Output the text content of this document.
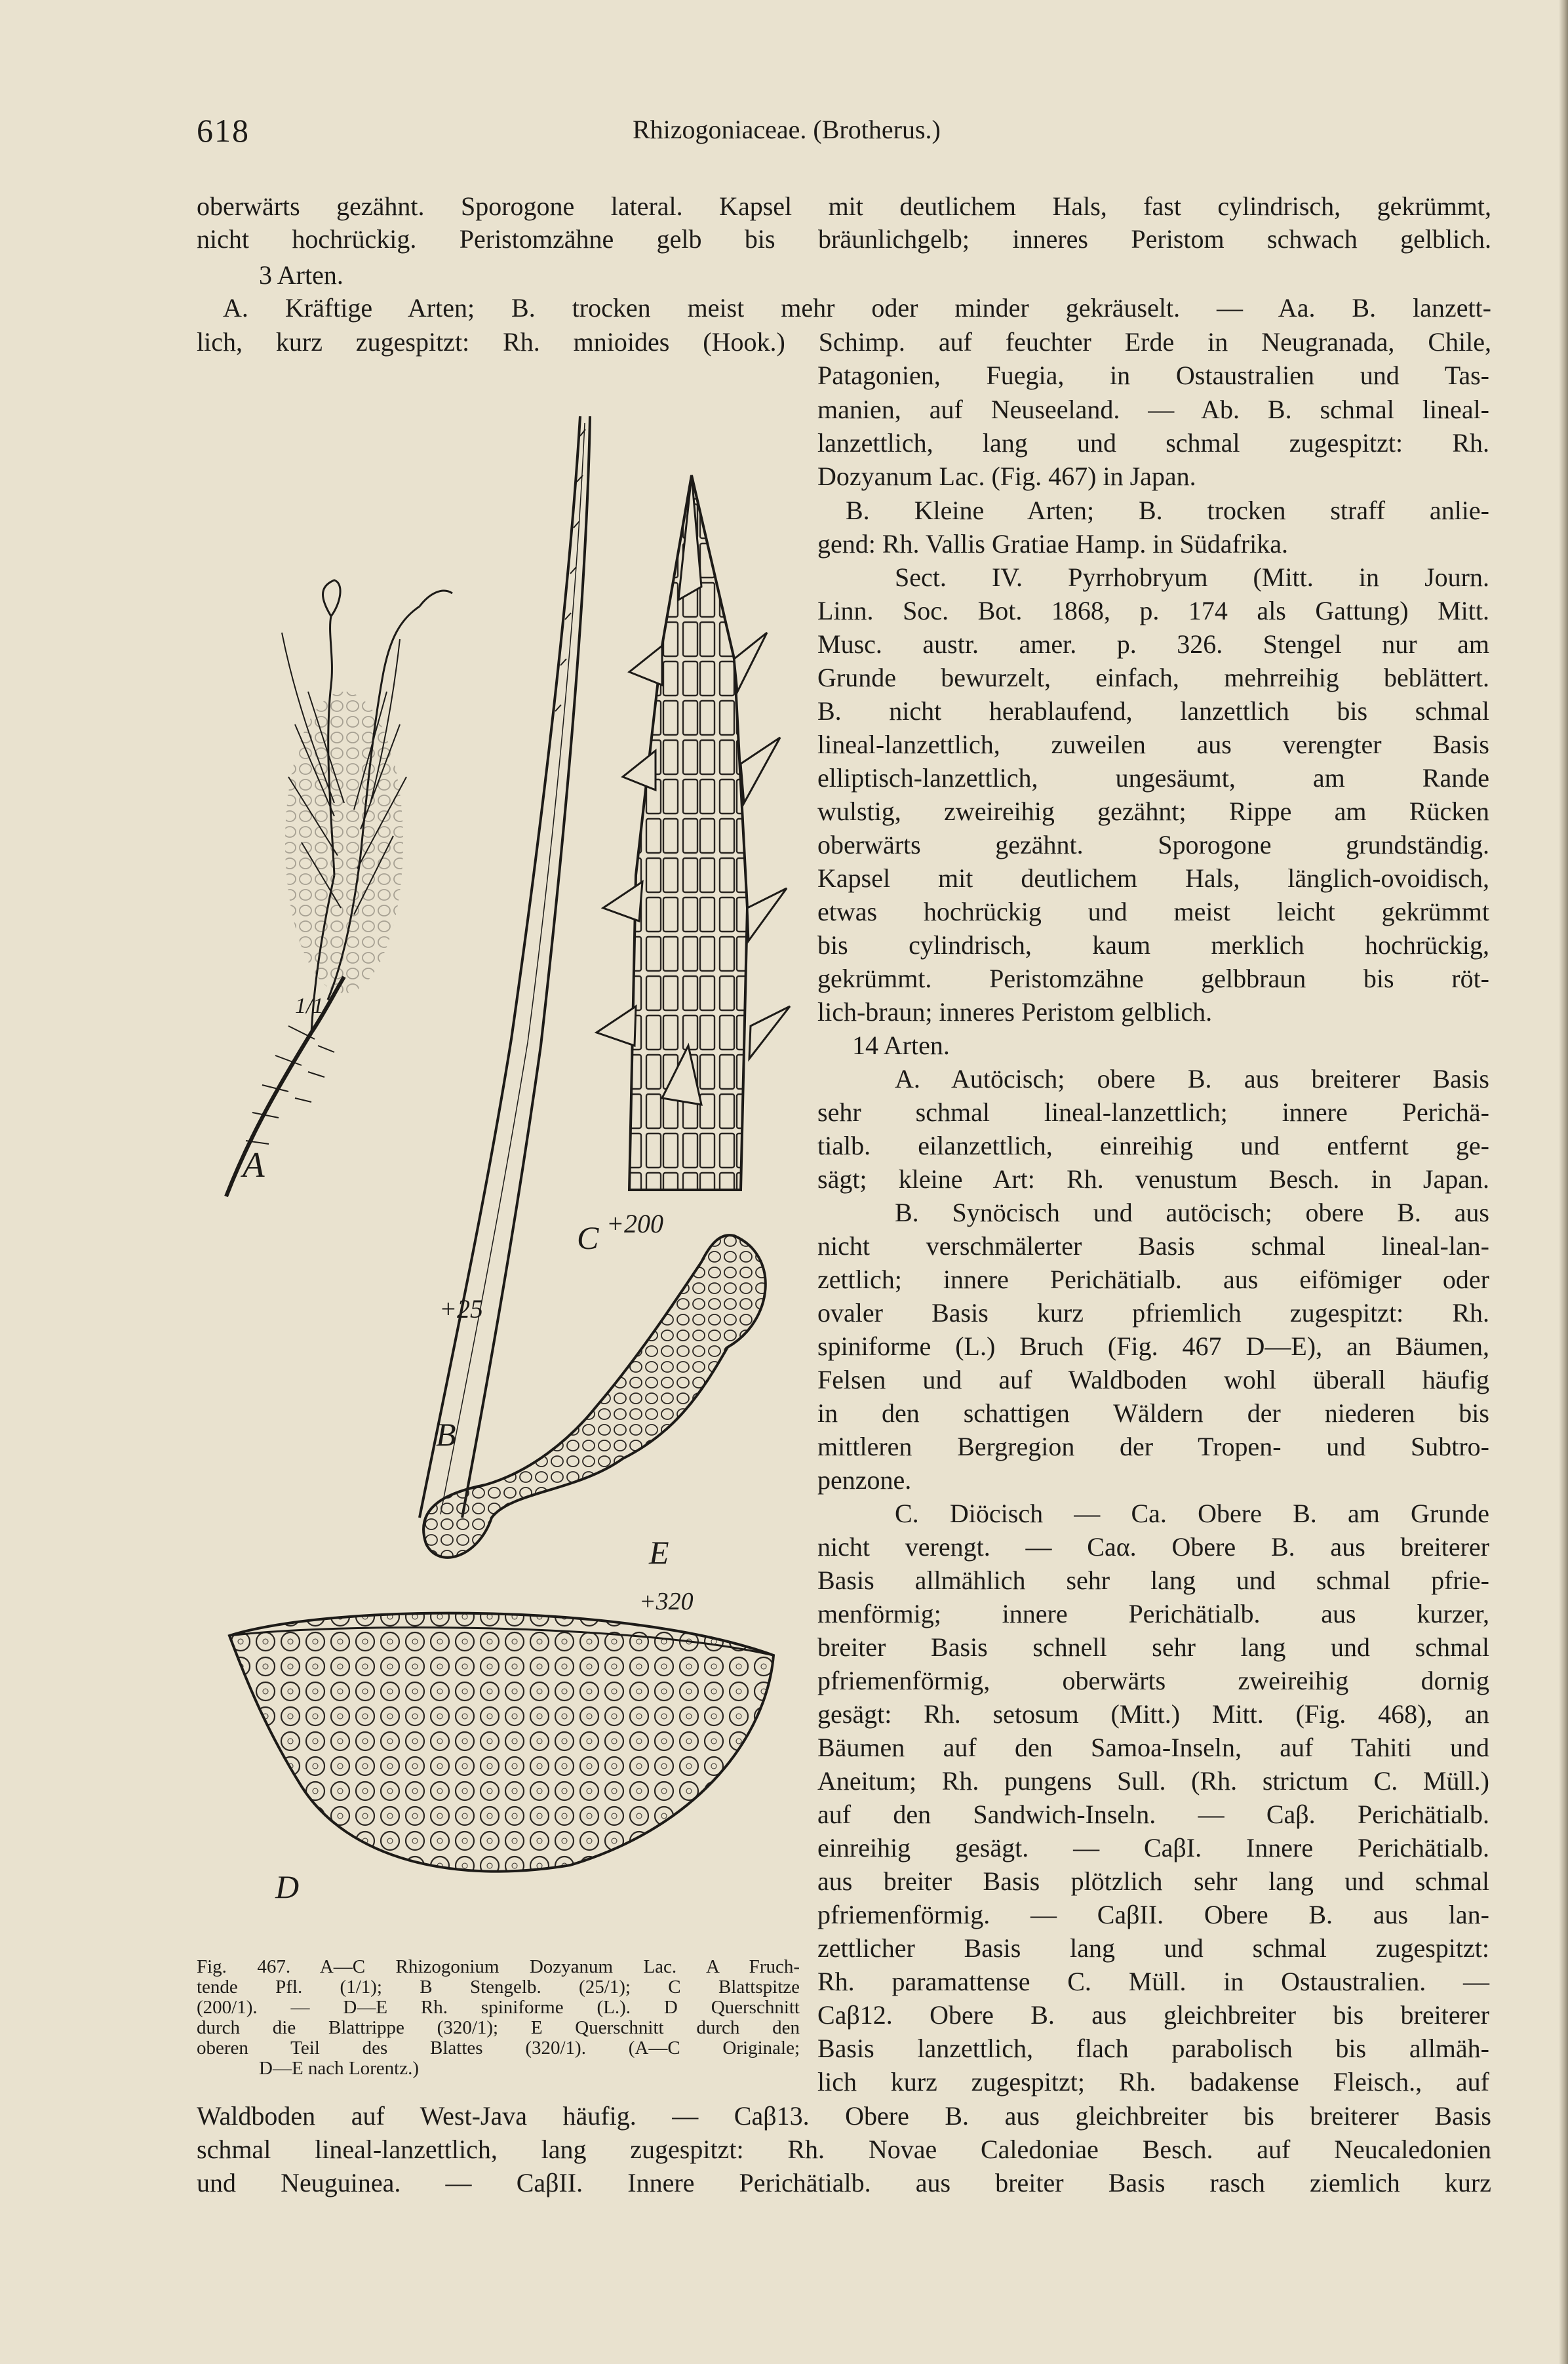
618	Rhizogoniaceae. (Brotherus.)
oberwärts gezähnt. Sporogone lateral. Kapsel mit deutlichem Hals, fast cylindrisch, gekrümmt,
nicht hochrückig. Peristomzähne gelb bis bräunlichgelb; inneres Peristom schwach gelblich.
3 Arten.
A. Kräftige Arten; B. trocken meist mehr oder minder gekräuselt. — Aa. B. lanzett-
lich, kurz zugespitzt: Rh. mnioides (Hook.) Schimp. auf feuchter Erde in Neugranada, Chile,
Patagonien, Fuegia, in Ostaustralien und Tas-
manien, auf Neuseeland. — Ab. B. schmal lineal-
lanzettlich, lang und schmal zugespitzt: Rh.
Dozyanum Lac. (Fig. 467) in Japan.
B. Kleine Arten; B. trocken straff anlie-
gend: Rh. Vallis Gratiae Hamp. in Südafrika.
Sect. IV. Pyrrhobryum (Mitt. in Journ.
Linn. Soc. Bot. 1868, p. 174 als Gattung) Mitt.
Musc. austr. amer. p. 326. Stengel nur am
Grunde bewurzelt, einfach, mehrreihig beblättert.
B. nicht herablaufend, lanzettlich bis schmal
lineal-lanzettlich, zuweilen aus verengter Basis
elliptisch-lanzettlich, ungesäumt, am Rande
wulstig, zweireihig gezähnt; Rippe am Rücken
oberwärts gezähnt. Sporogone grundständig.
Kapsel mit deutlichem Hals, länglich-ovoidisch,
etwas hochrückig und meist leicht gekrümmt
bis cylindrisch, kaum merklich hochrückig,
gekrümmt. Peristomzähne gelbbraun bis röt-
lich-braun; inneres Peristom gelblich.
14 Arten.
A. Autöcisch; obere B. aus breiterer Basis
sehr schmal lineal-lanzettlich; innere Perichä-
tialb. eilanzettlich, einreihig und entfernt ge-
sägt; kleine Art: Rh. venustum Besch. in Japan.
B. Synöcisch und autöcisch; obere B. aus
nicht verschmälerter Basis schmal lineal-lan-
zettlich; innere Perichätialb. aus eifömiger oder
ovaler Basis kurz pfriemlich zugespitzt: Rh.
spiniforme (L.) Bruch (Fig. 467 D—E), an Bäumen,
Felsen und auf Waldboden wohl überall häufig
in den schattigen Wäldern der niederen bis
mittleren Bergregion der Tropen- und Subtro-
penzone.
C. Diöcisch — Ca. Obere B. am Grunde
nicht verengt. — Caα. Obere B. aus breiterer
Basis allmählich sehr lang und schmal pfrie-
menförmig; innere Perichätialb. aus kurzer,
breiter Basis schnell sehr lang und schmal
pfriemenförmig, oberwärts zweireihig dornig
gesägt: Rh. setosum (Mitt.) Mitt. (Fig. 468), an
Bäumen auf den Samoa-Inseln, auf Tahiti und
Aneitum; Rh. pungens Sull. (Rh. strictum C. Müll.)
auf den Sandwich-Inseln. — Caβ. Perichätialb.
einreihig gesägt. — CaβI. Innere Perichätialb.
aus breiter Basis plötzlich sehr lang und schmal
pfriemenförmig. — CaβII. Obere B. aus lan-
zettlicher Basis lang und schmal zugespitzt:
Rh. paramattense C. Müll. in Ostaustralien. —
Caβ12. Obere B. aus gleichbreiter bis breiterer
Basis lanzettlich, flach parabolisch bis allmäh-
lich kurz zugespitzt; Rh. badakense Fleisch., auf
Waldboden auf West-Java häufig. — Caβ13. Obere B. aus gleichbreiter bis breiterer Basis
schmal lineal-lanzettlich, lang zugespitzt: Rh. Novae Caledoniae Besch. auf Neucaledonien
und Neuguinea. — CaβII. Innere Perichätialb. aus breiter Basis rasch ziemlich kurz
Fig. 467. A—C Rhizogonium Dozyanum Lac. A Fruch-
tende Pfl. (1/1); B Stengelb. (25/1); C Blattspitze
(200/1). — D—E Rh. spiniforme (L.). D Querschnitt
durch die Blattrippe (320/1); E Querschnitt durch den
oberen Teil des Blattes (320/1). (A—C Originale;
D—E nach Lorentz.)
A
1/1
B
+25
C +200
E
+320
D
